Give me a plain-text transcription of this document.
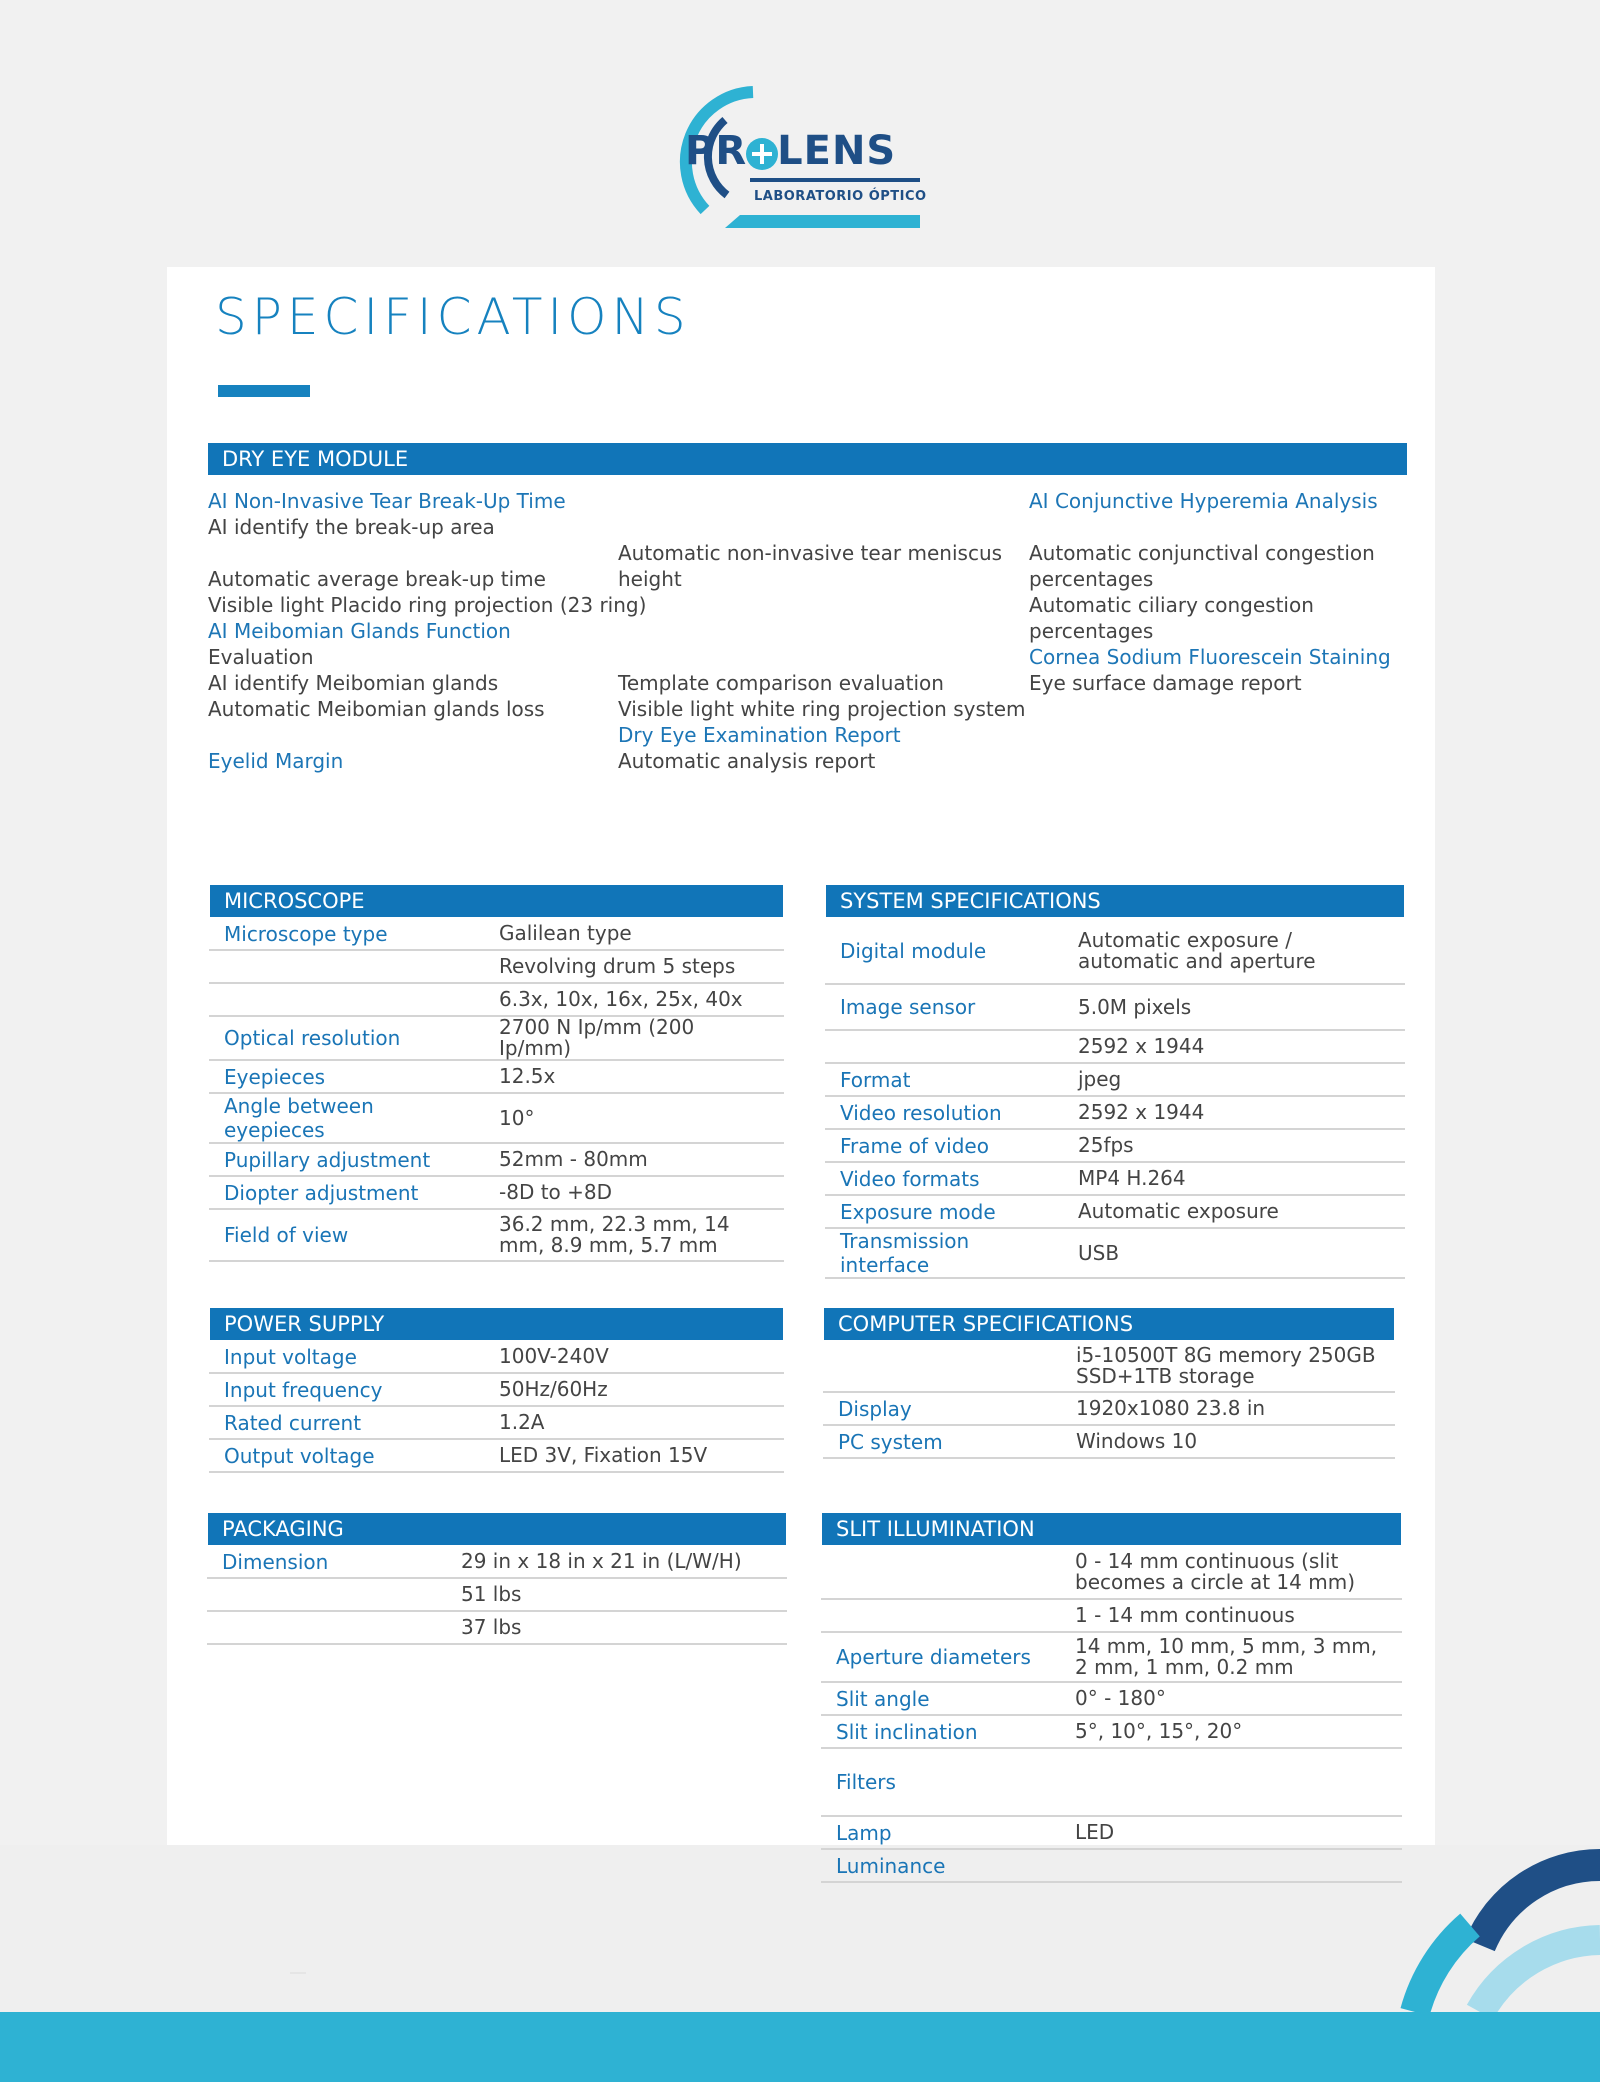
PR LENS
LABORATORIO ÓPTICO
SPECIFICATIONS
DRY EYE MODULE
AI Non-Invasive Tear Break-Up Time
AI identify the break-up area
Automatic average break-up time
Visible light Placido ring projection (23 ring)
AI Meibomian Glands Function
Evaluation
AI identify Meibomian glands
Automatic Meibomian glands loss
Eyelid Margin
Automatic non-invasive tear meniscus
height
Template comparison evaluation
Visible light white ring projection system
Dry Eye Examination Report
Automatic analysis report
AI Conjunctive Hyperemia Analysis
Automatic conjunctival congestion
percentages
Automatic ciliary congestion
percentages
Cornea Sodium Fluorescein Staining
Eye surface damage report
MICROSCOPE
Microscope type	Galilean type
	Revolving drum 5 steps
	6.3x, 10x, 16x, 25x, 40x
Optical resolution	2700 N Ip/mm (200 Ip/mm)
Eyepieces	12.5x
Angle between eyepieces	10°
Pupillary adjustment	52mm - 80mm
Diopter adjustment	-8D to +8D
Field of view	36.2 mm, 22.3 mm, 14 mm, 8.9 mm, 5.7 mm
SYSTEM SPECIFICATIONS
Digital module	Automatic exposure / automatic and aperture
Image sensor	5.0M pixels
	2592 x 1944
Format	jpeg
Video resolution	2592 x 1944
Frame of video	25fps
Video formats	MP4 H.264
Exposure mode	Automatic exposure
Transmission interface	USB
POWER SUPPLY
Input voltage	100V-240V
Input frequency	50Hz/60Hz
Rated current	1.2A
Output voltage	LED 3V, Fixation 15V
COMPUTER SPECIFICATIONS
	i5-10500T 8G memory 250GB SSD+1TB storage
Display	1920x1080 23.8 in
PC system	Windows 10
PACKAGING
Dimension	29 in x 18 in x 21 in (L/W/H)
	51 lbs
	37 lbs
SLIT ILLUMINATION
	0 - 14 mm continuous (slit becomes a circle at 14 mm)
	1 - 14 mm continuous
Aperture diameters	14 mm, 10 mm, 5 mm, 3 mm, 2 mm, 1 mm, 0.2 mm
Slit angle	0° - 180°
Slit inclination	5°, 10°, 15°, 20°
Filters	
Lamp	LED
Luminance	
